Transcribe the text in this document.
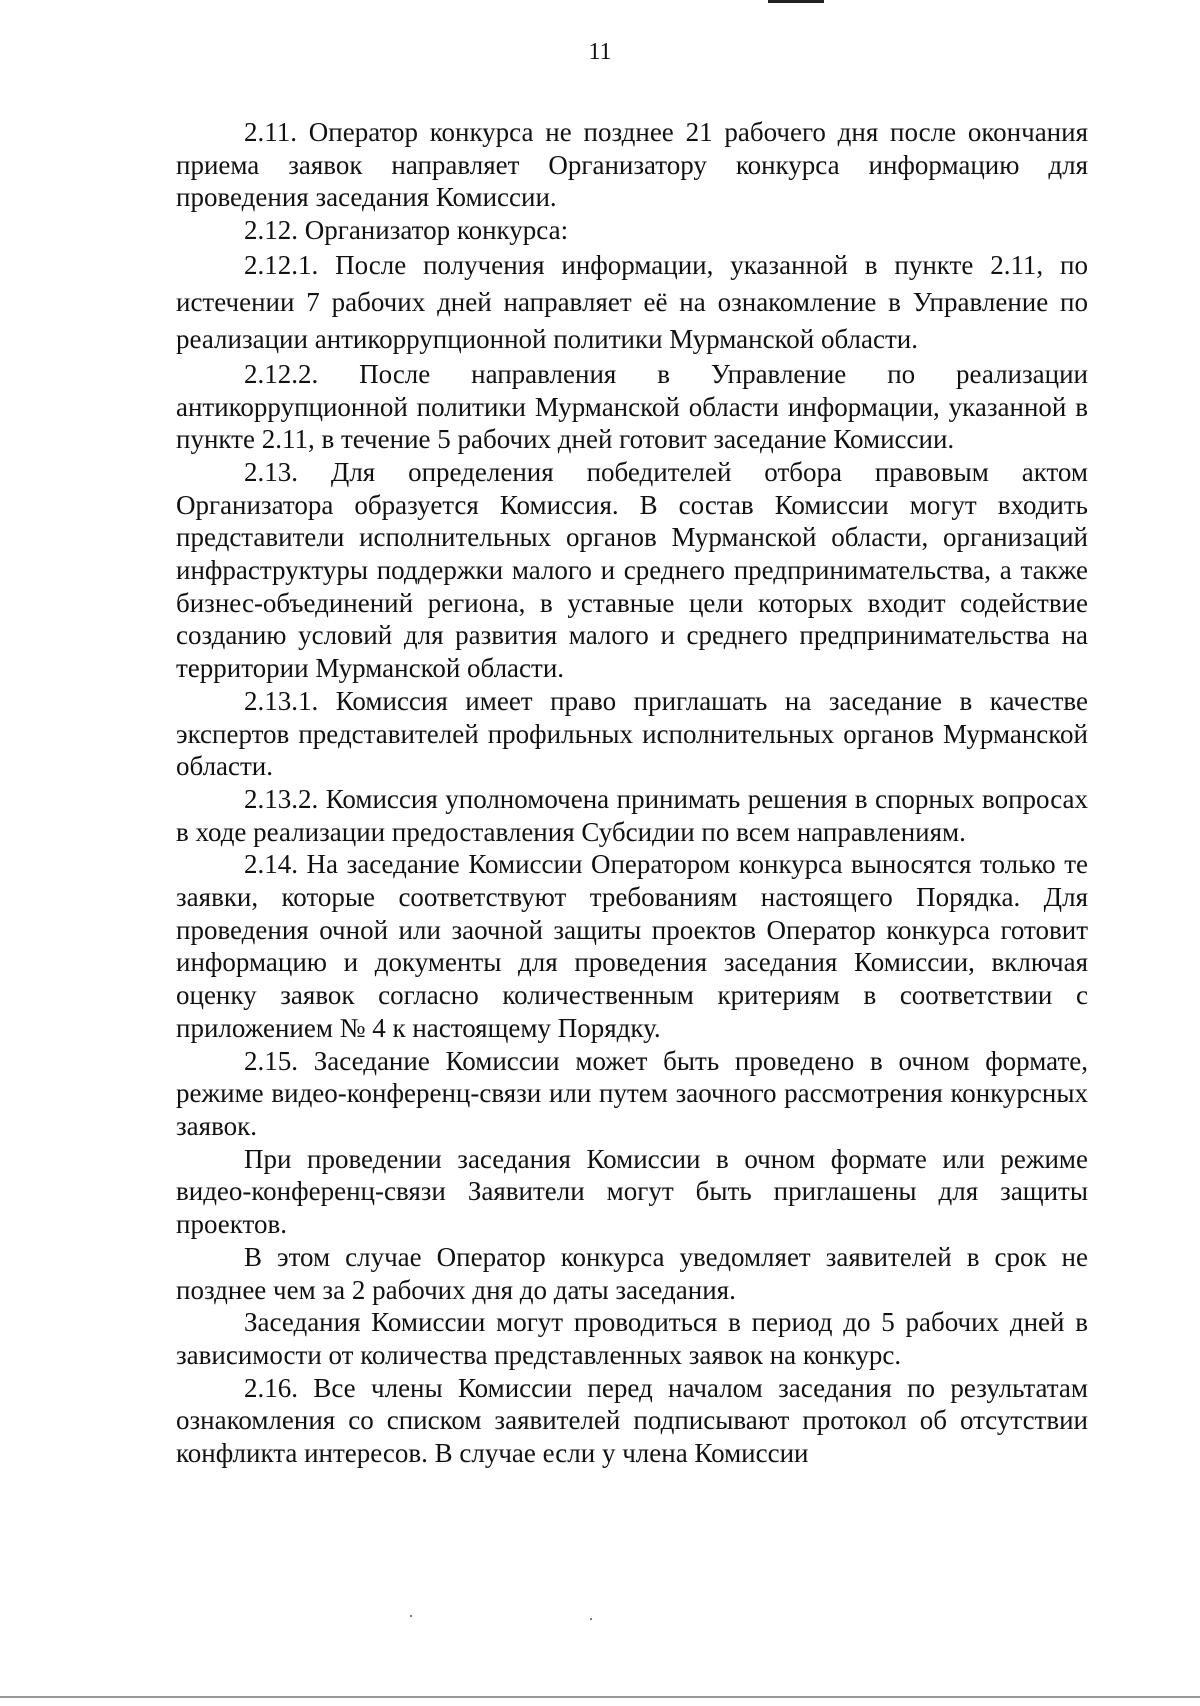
11

2.11. Оператор конкурса не позднее 21 рабочего дня после окончания приема заявок направляет Организатору конкурса информацию для проведения заседания Комиссии.

2.12. Организатор конкурса:

2.12.1. После получения информации, указанной в пункте 2.11, по истечении 7 рабочих дней направляет её на ознакомление в Управление по реализации антикоррупционной политики Мурманской области.

2.12.2. После направления в Управление по реализации антикоррупционной политики Мурманской области информации, указанной в пункте 2.11, в течение 5 рабочих дней готовит заседание Комиссии.

2.13. Для определения победителей отбора правовым актом Организатора образуется Комиссия. В состав Комиссии могут входить представители исполнительных органов Мурманской области, организаций инфраструктуры поддержки малого и среднего предпринимательства, а также бизнес-объединений региона, в уставные цели которых входит содействие созданию условий для развития малого и среднего предпринимательства на территории Мурманской области.

2.13.1. Комиссия имеет право приглашать на заседание в качестве экспертов представителей профильных исполнительных органов Мурманской области.

2.13.2. Комиссия уполномочена принимать решения в спорных вопросах в ходе реализации предоставления Субсидии по всем направлениям.

2.14. На заседание Комиссии Оператором конкурса выносятся только те заявки, которые соответствуют требованиям настоящего Порядка. Для проведения очной или заочной защиты проектов Оператор конкурса готовит информацию и документы для проведения заседания Комиссии, включая оценку заявок согласно количественным критериям в соответствии с приложением № 4 к настоящему Порядку.

2.15. Заседание Комиссии может быть проведено в очном формате, режиме видео-конференц-связи или путем заочного рассмотрения конкурсных заявок.

При проведении заседания Комиссии в очном формате или режиме видео-конференц-связи Заявители могут быть приглашены для защиты проектов.

В этом случае Оператор конкурса уведомляет заявителей в срок не позднее чем за 2 рабочих дня до даты заседания.

Заседания Комиссии могут проводиться в период до 5 рабочих дней в зависимости от количества представленных заявок на конкурс.

2.16. Все члены Комиссии перед началом заседания по результатам ознакомления со списком заявителей подписывают протокол об отсутствии конфликта интересов. В случае если у члена Комиссии
